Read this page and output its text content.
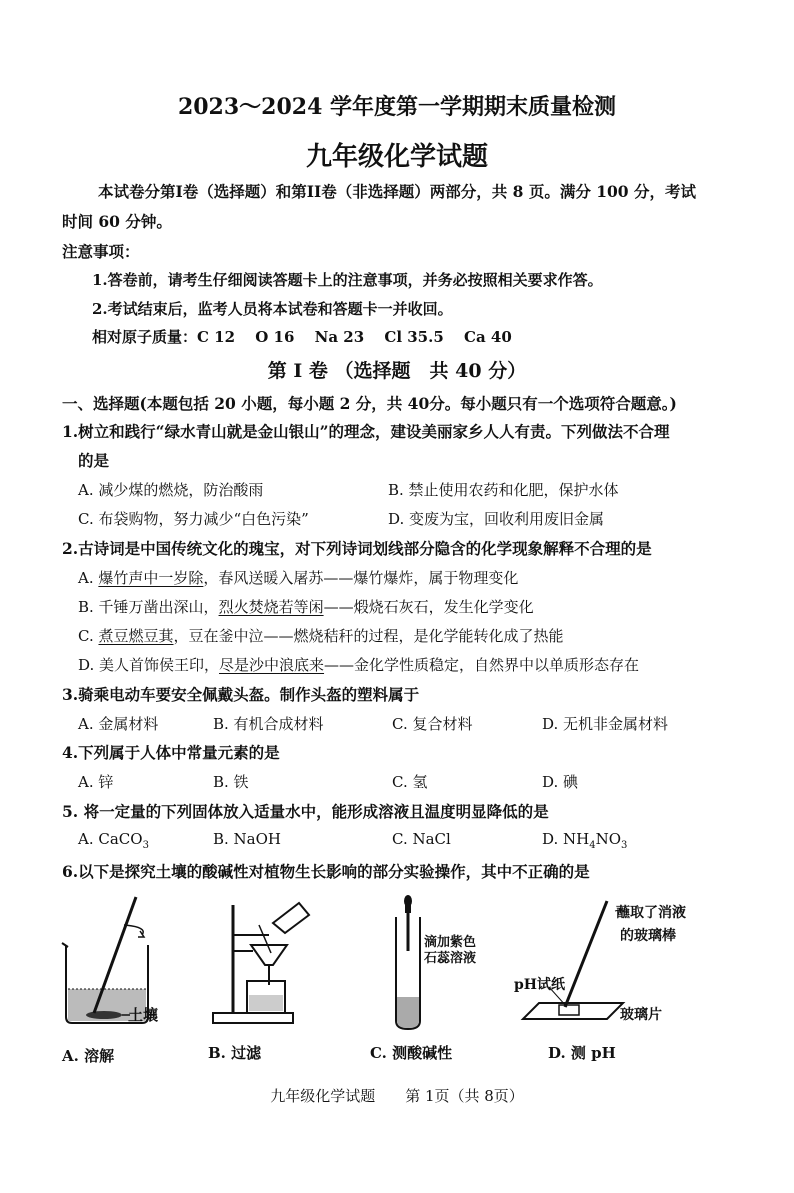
2023～2024 学年度第一学期期末质量检测
九年级化学试题
本试卷分第I卷（选择题）和第II卷（非选择题）两部分，共 8 页。满分 100 分，考试
时间 60 分钟。
注意事项：
1.答卷前，请考生仔细阅读答题卡上的注意事项，并务必按照相关要求作答。
2.考试结束后，监考人员将本试卷和答题卡一并收回。
相对原子质量：C 12　 O 16　 Na 23　 Cl 35.5　 Ca 40
第 I 卷 （选择题　共 40 分）
一、选择题(本题包括 20 小题，每小题 2 分，共 40分。每小题只有一个选项符合题意。)
1.树立和践行“绿水青山就是金山银山”的理念，建设美丽家乡人人有责。下列做法不合理
的是
A. 减少煤的燃烧，防治酸雨	B. 禁止使用农药和化肥，保护水体
C. 布袋购物，努力减少“白色污染”	D. 变废为宝，回收利用废旧金属
2.古诗词是中国传统文化的瑰宝，对下列诗词划线部分隐含的化学现象解释不合理的是
A. 爆竹声中一岁除，春风送暖入屠苏——爆竹爆炸，属于物理变化
B. 千锤万凿出深山，烈火焚烧若等闲——煅烧石灰石，发生化学变化
C. 煮豆燃豆萁，豆在釜中泣——燃烧秸秆的过程，是化学能转化成了热能
D. 美人首饰侯王印，尽是沙中浪底来——金化学性质稳定，自然界中以单质形态存在
3.骑乘电动车要安全佩戴头盔。制作头盔的塑料属于
A. 金属材料	B. 有机合成材料	C. 复合材料	D. 无机非金属材料
4.下列属于人体中常量元素的是
A. 锌	B. 铁	C. 氢	D. 碘
5. 将一定量的下列固体放入适量水中，能形成溶液且温度明显降低的是
A. CaCO$_3$	B. NaOH	C. NaCl	D. $NH_4NO_3$
6.以下是探究土壤的酸碱性对植物生长影响的部分实验操作，其中不正确的是
土壤
滴加紫色
石蕊溶液
蘸取了消液
的玻璃棒
pH试纸
玻璃片
A. 溶解	B. 过滤	C. 测酸碱性	D. 测 pH
九年级化学试题　　第 1页（共 8页）
